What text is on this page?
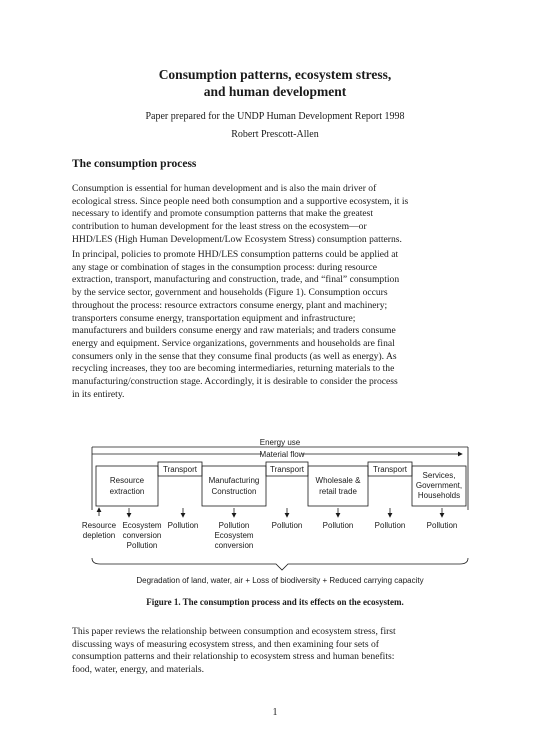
Consumption patterns, ecosystem stress,
and human development
Paper prepared for the UNDP Human Development Report 1998
Robert Prescott-Allen
The consumption process
Consumption is essential for human development and is also the main driver of
ecological stress. Since people need both consumption and a supportive ecosystem, it is
necessary to identify and promote consumption patterns that make the greatest
contribution to human development for the least stress on the ecosystem—or
HHD/LES (High Human Development/Low Ecosystem Stress) consumption patterns.
In principal, policies to promote HHD/LES consumption patterns could be applied at
any stage or combination of stages in the consumption process: during resource
extraction, transport, manufacturing and construction, trade, and “final” consumption
by the service sector, government and households (Figure 1). Consumption occurs
throughout the process: resource extractors consume energy, plant and machinery;
transporters consume energy, transportation equipment and infrastructure;
manufacturers and builders consume energy and raw materials; and traders consume
energy and equipment. Service organizations, governments and households are final
consumers only in the sense that they consume final products (as well as energy). As
recycling increases, they too are becoming intermediaries, returning materials to the
manufacturing/construction stage. Accordingly, it is desirable to consider the process
in its entirety.
Energy use
Material flow
Resource
extraction
Manufacturing
Construction
Wholesale &
retail trade
Services,
Government,
Households
Transport	Transport	Transport
Resource
depletion
Ecosystem
conversion
Pollution
Pollution	Pollution
Ecosystem
conversion
Pollution	Pollution	Pollution	Pollution
Degradation of land, water, air + Loss of biodiversity + Reduced carrying capacity
Figure 1. The consumption process and its effects on the ecosystem.
This paper reviews the relationship between consumption and ecosystem stress, first
discussing ways of measuring ecosystem stress, and then examining four sets of
consumption patterns and their relationship to ecosystem stress and human benefits:
food, water, energy, and materials.
1
